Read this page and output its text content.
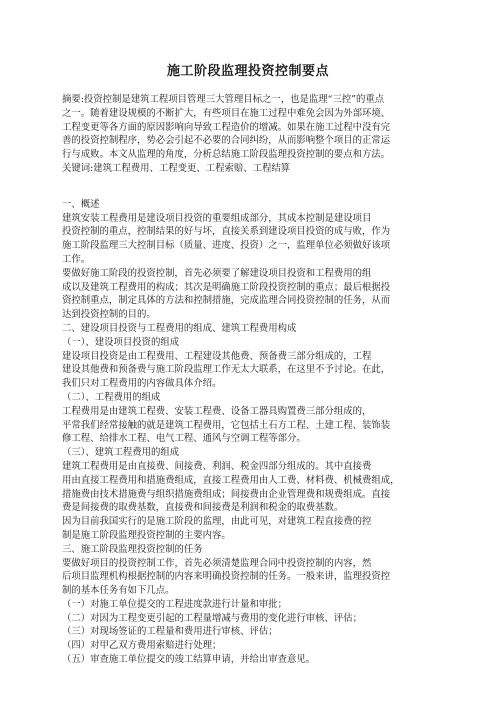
施工阶段监理投资控制要点
摘要:投资控制是建筑工程项目管理三大管理目标之一，也是监理“三控”的重点
之一。随着建设规模的不断扩大，有些项目在施工过程中难免会因为外部环境、
工程变更等各方面的原因影响向导致工程造价的增减。如果在施工过程中没有完
善的投资控制程序，势必会引起不必要的合同纠纷，从而影响整个项目的正常运
行与成败。本文从监理的角度，分析总结施工阶段监理投资控制的要点和方法。
关键词:建筑工程费用、工程变更、工程索赔、工程结算
一、概述
建筑安装工程费用是建设项目投资的重要组成部分，其成本控制是建设项目
投资控制的重点，控制结果的好与坏，直接关系到建设项目投资的成与败，作为
施工阶段监理三大控制目标（质量、进度、投资）之一，监理单位必须做好该项
工作。
要做好施工阶段的投资控制，首先必须要了解建设项目投资和工程费用的组
成以及建筑工程费用的构成；其次是明确施工阶段投资控制的重点；最后根据投
资控制重点，制定具体的方法和控制措施，完成监理合同投资控制的任务，从而
达到投资控制的目的。
二、建设项目投资与工程费用的组成、建筑工程费用构成
（一）、建设项目投资的组成
建设项目投资是由工程费用、工程建设其他费、预备费三部分组成的，工程
建设其他费和预备费与施工阶段监理工作无太大联系，在这里不予讨论。在此，
我们只对工程费用的内容做具体介绍。
（二）、工程费用的组成
工程费用是由建筑工程费、安装工程费、设备工器具购置费三部分组成的，
平常我们经常接触的就是建筑工程费用，它包括土石方工程、土建工程、装饰装
修工程、给排水工程、电气工程、通风与空调工程等部分。
（三）、建筑工程费用的组成
建筑工程费用是由直接费、间接费、利润、税金四部分组成的。其中直接费
用由直接工程费用和措施费组成，直接工程费用由人工费、材料费、机械费组成，
措施费由技术措施费与组织措施费组成；间接费由企业管理费和规费组成。直接
费是间接费的取费基数，直接费和间接费是利润和税金的取费基数。
因为目前我国实行的是施工阶段的监理，由此可见，对建筑工程直接费的控
制是施工阶段监理投资控制的主要内容。
三、施工阶段监理投资控制的任务
要做好项目的投资控制工作，首先必须清楚监理合同中投资控制的内容，然
后项目监理机构根据控制的内容来明确投资控制的任务。一般来讲，监理投资控
制的基本任务有如下几点。
（一）对施工单位提交的工程进度款进行计量和审批；
（二）对因为工程变更引起的工程量增减与费用的变化进行审核、评估；
（三）对现场签证的工程量和费用进行审核、评估；
（四）对甲乙双方费用索赔进行处理；
（五）审查施工单位提交的竣工结算申请，并给出审查意见。
